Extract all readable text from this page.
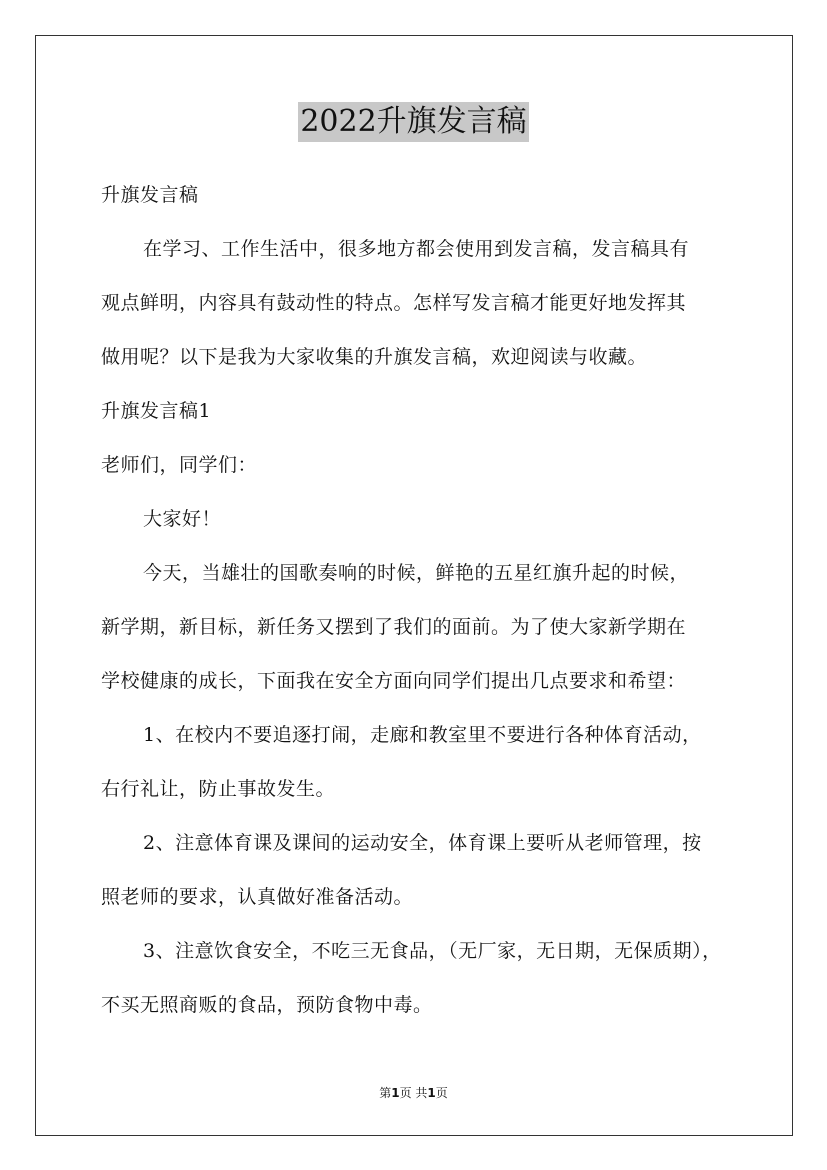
2022升旗发言稿
升旗发言稿
在学习、工作生活中，很多地方都会使用到发言稿，发言稿具有
观点鲜明，内容具有鼓动性的特点。怎样写发言稿才能更好地发挥其
做用呢？以下是我为大家收集的升旗发言稿，欢迎阅读与收藏。
升旗发言稿1
老师们，同学们：
大家好！
今天，当雄壮的国歌奏响的时候，鲜艳的五星红旗升起的时候，
新学期，新目标，新任务又摆到了我们的面前。为了使大家新学期在
学校健康的成长，下面我在安全方面向同学们提出几点要求和希望：
1、在校内不要追逐打闹，走廊和教室里不要进行各种体育活动，
右行礼让，防止事故发生。
2、注意体育课及课间的运动安全，体育课上要听从老师管理，按
照老师的要求，认真做好准备活动。
3、注意饮食安全，不吃三无食品，（无厂家，无日期，无保质期），
不买无照商贩的食品，预防食物中毒。
第1页 共1页
